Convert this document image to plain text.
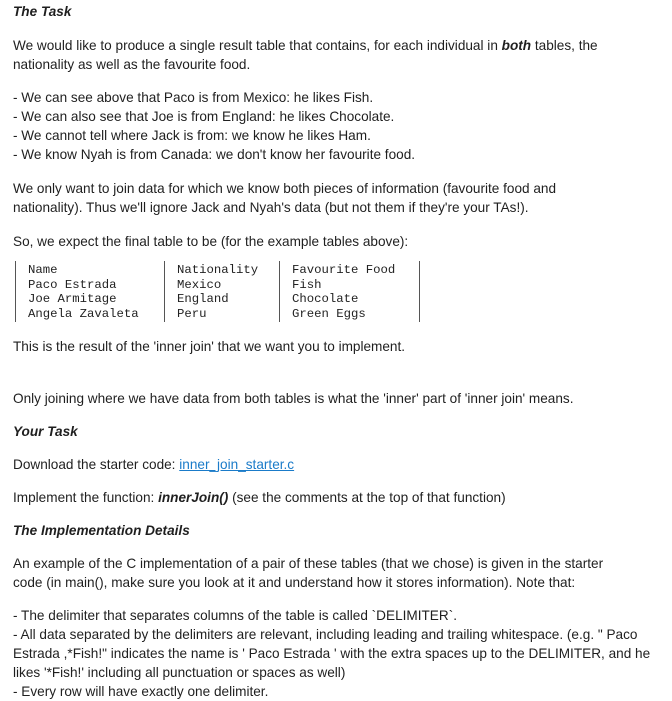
The Task

We would like to produce a single result table that contains, for each individual in both tables, the nationality as well as the favourite food.

- We can see above that Paco is from Mexico: he likes Fish.
- We can also see that Joe is from England: he likes Chocolate.
- We cannot tell where Jack is from: we know he likes Ham.
- We know Nyah is from Canada: we don't know her favourite food.

We only want to join data for which we know both pieces of information (favourite food and nationality). Thus we'll ignore Jack and Nyah's data (but not them if they're your TAs!).

So, we expect the final table to be (for the example tables above):

Name
Paco Estrada
Joe Armitage
Angela Zavaleta
Nationality
Mexico
England
Peru
Favourite Food
Fish
Chocolate
Green Eggs

This is the result of the 'inner join' that we want you to implement.

Only joining where we have data from both tables is what the 'inner' part of 'inner join' means.

Your Task

Download the starter code: inner_join_starter.c

Implement the function: innerJoin() (see the comments at the top of that function)

The Implementation Details

An example of the C implementation of a pair of these tables (that we chose) is given in the starter code (in main(), make sure you look at it and understand how it stores information). Note that:

- The delimiter that separates columns of the table is called `DELIMITER`.
- All data separated by the delimiters are relevant, including leading and trailing whitespace. (e.g. " Paco Estrada ,*Fish!" indicates the name is ' Paco Estrada ' with the extra spaces up to the DELIMITER, and he likes '*Fish!' including all punctuation or spaces as well)
- Every row will have exactly one delimiter.
